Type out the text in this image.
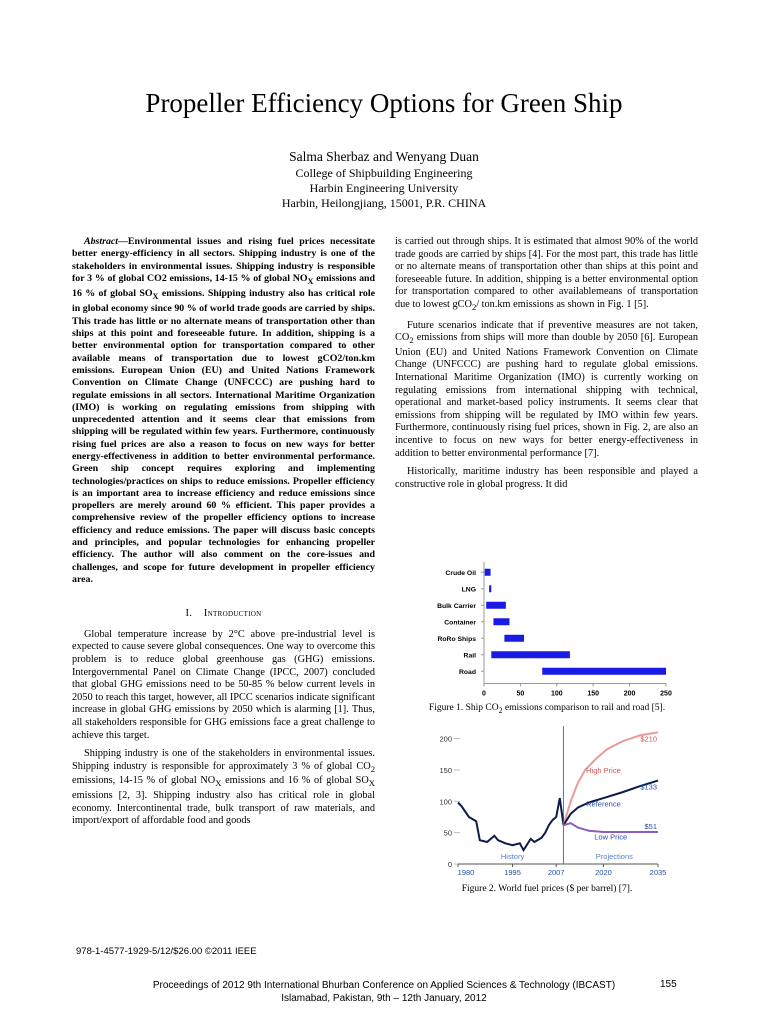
Propeller Efficiency Options for Green Ship
Salma Sherbaz and Wenyang Duan
College of Shipbuilding Engineering
Harbin Engineering University
Harbin, Heilongjiang, 15001, P.R. CHINA

Abstract—Environmental issues and rising fuel prices necessitate better energy-efficiency in all sectors. Shipping industry is one of the stakeholders in environmental issues. Shipping industry is responsible for 3 % of global CO2 emissions, 14-15 % of global $NO_X$ emissions and 16 % of global $SO_X$ emissions. Shipping industry also has critical role in global economy since 90 % of world trade goods are carried by ships. This trade has little or no alternate means of transportation other than ships at this point and foreseeable future. In addition, shipping is a better environmental option for transportation compared to other available means of transportation due to lowest gCO2/ton.km emissions. European Union (EU) and United Nations Framework Convention on Climate Change (UNFCCC) are pushing hard to regulate emissions in all sectors. International Maritime Organization (IMO) is working on regulating emissions from shipping with unprecedented attention and it seems clear that emissions from shipping will be regulated within few years. Furthermore, continuously rising fuel prices are also a reason to focus on new ways for better energy-effectiveness in addition to better environmental performance. Green ship concept requires exploring and implementing technologies/practices on ships to reduce emissions. Propeller efficiency is an important area to increase efficiency and reduce emissions since propellers are merely around 60 % efficient. This paper provides a comprehensive review of the propeller efficiency options to increase efficiency and reduce emissions. The paper will discuss basic concepts and principles, and popular technologies for enhancing propeller efficiency. The author will also comment on the core-issues and challenges, and scope for future development in propeller efficiency area.

I. Introduction

Global temperature increase by 2°C above pre-industrial level is expected to cause severe global consequences. One way to overcome this problem is to reduce global greenhouse gas (GHG) emissions. Intergovernmental Panel on Climate Change (IPCC, 2007) concluded that global GHG emissions need to be 50-85 % below current levels in 2050 to reach this target, however, all IPCC scenarios indicate significant increase in global GHG emissions by 2050 which is alarming [1]. Thus, all stakeholders responsible for GHG emissions face a great challenge to achieve this target.

Shipping industry is one of the stakeholders in environmental issues. Shipping industry is responsible for approximately 3 % of global $CO_2$ emissions, 14-15 % of global $NO_X$ emissions and 16 % of global $SO_X$ emissions [2, 3]. Shipping industry also has critical role in global economy. Intercontinental trade, bulk transport of raw materials, and import/export of affordable food and goods

is carried out through ships. It is estimated that almost 90% of the world trade goods are carried by ships [4]. For the most part, this trade has little or no alternate means of transportation other than ships at this point and foreseeable future. In addition, shipping is a better environmental option for transportation compared to other availablemeans of transportation due to lowest gCO$_2$/ ton.km emissions as shown in Fig. 1 [5].

Future scenarios indicate that if preventive measures are not taken, $CO_2$ emissions from ships will more than double by 2050 [6]. European Union (EU) and United Nations Framework Convention on Climate Change (UNFCCC) are pushing hard to regulate global emissions. International Maritime Organization (IMO) is currently working on regulating emissions from international shipping with technical, operational and market-based policy instruments. It seems clear that emissions from shipping will be regulated by IMO within few years. Furthermore, continuously rising fuel prices, shown in Fig. 2, are also an incentive to focus on new ways for better energy-effectiveness in addition to better environmental performance [7].

Historically, maritime industry has been responsible and played a constructive role in global progress. It did

Crude Oil
LNG
Bulk Carrier
Container
RoRo Ships
Rail
Road
0	50	100	150	200	250
Figure 1. Ship $CO_2$ emissions comparison to rail and road [5].
0
50
100
150
200
1980	1995	2007	2020	2035
History	Projections
High Price
Reference
Low Price
$210
$133
$51
Figure 2. World fuel prices ($ per barrel) [7].
978-1-4577-1929-5/12/$26.00 ©2011 IEEE
Proceedings of 2012 9th International Bhurban Conference on Applied Sciences & Technology (IBCAST)
Islamabad, Pakistan, 9th – 12th January, 2012
155
